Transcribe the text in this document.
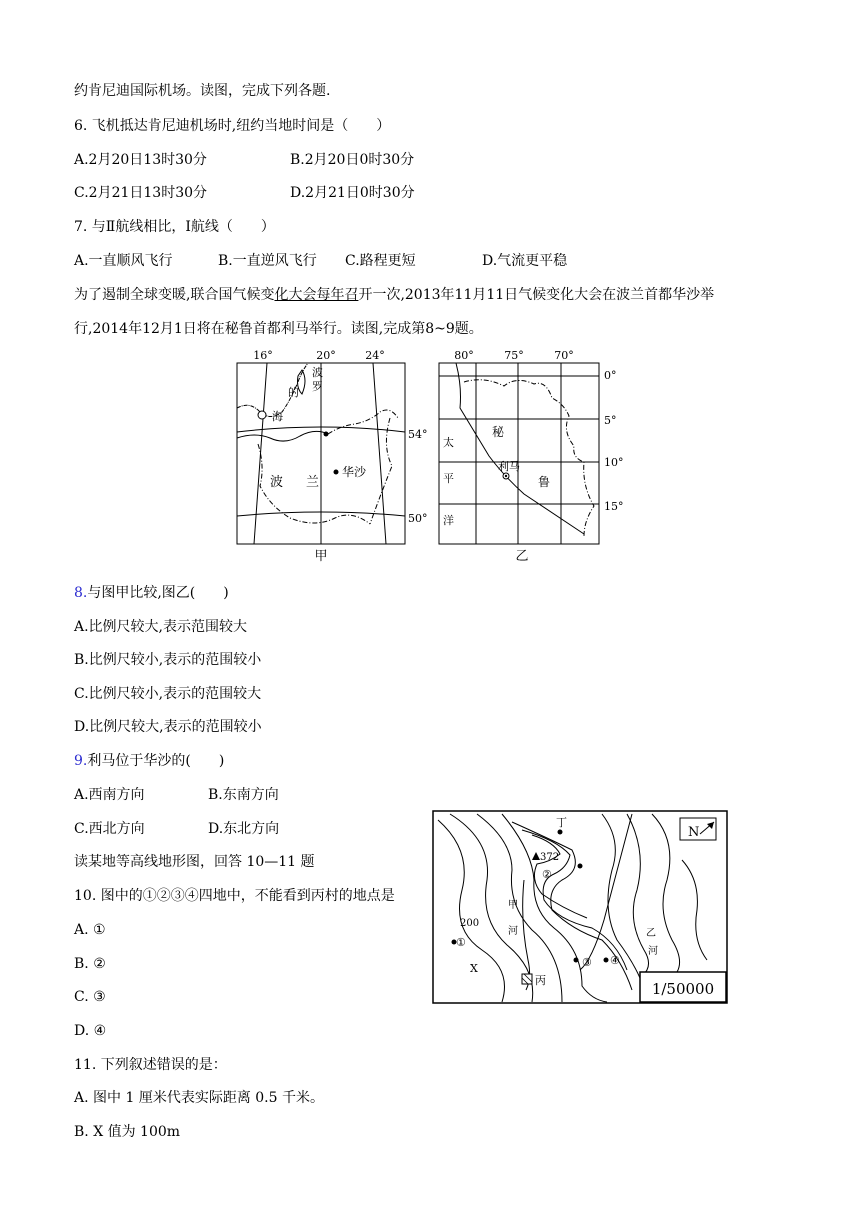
约肯尼迪国际机场。读图，完成下列各题.
6. 飞机抵达肯尼迪机场时,纽约当地时间是（　　）
A.2月20日13时30分	B.2月20日0时30分
C.2月21日13时30分	D.2月21日0时30分
7. 与Ⅱ航线相比，Ⅰ航线（　　）
A.一直顺风飞行	B.一直逆风飞行 C.路程更短	D.气流更平稳
为了遏制全球变暖,联合国气候变化大会每年召开一次,2013年11月11日气候变化大会在波兰首都华沙举
行,2014年12月1日将在秘鲁首都利马举行。读图,完成第8~9题。
16°	20°	24°
54°
50°
波
罗
的
海
波 兰
华沙
甲
80°	75°	70°
0°
5°
10°
15°
太
平
洋
秘
鲁
利马
乙
8.与图甲比较,图乙(　　)
A.比例尺较大,表示范围较大
B.比例尺较小,表示的范围较小
C.比例尺较小,表示的范围较大
D.比例尺较大,表示的范围较小
9.利马位于华沙的(　　)
A.西南方向	B.东南方向
C.西北方向	D.东北方向
读某地等高线地形图，回答 10—11 题
10. 图中的①②③④四地中，不能看到丙村的地点是
A. ①
B. ②
C. ③
D. ④
丁
372
②
200
①
甲
河
X
丙
③ ④
乙
河
N
1/50000
11. 下列叙述错误的是：
A. 图中 1 厘米代表实际距离 0.5 千米。
B. X 值为 100m
